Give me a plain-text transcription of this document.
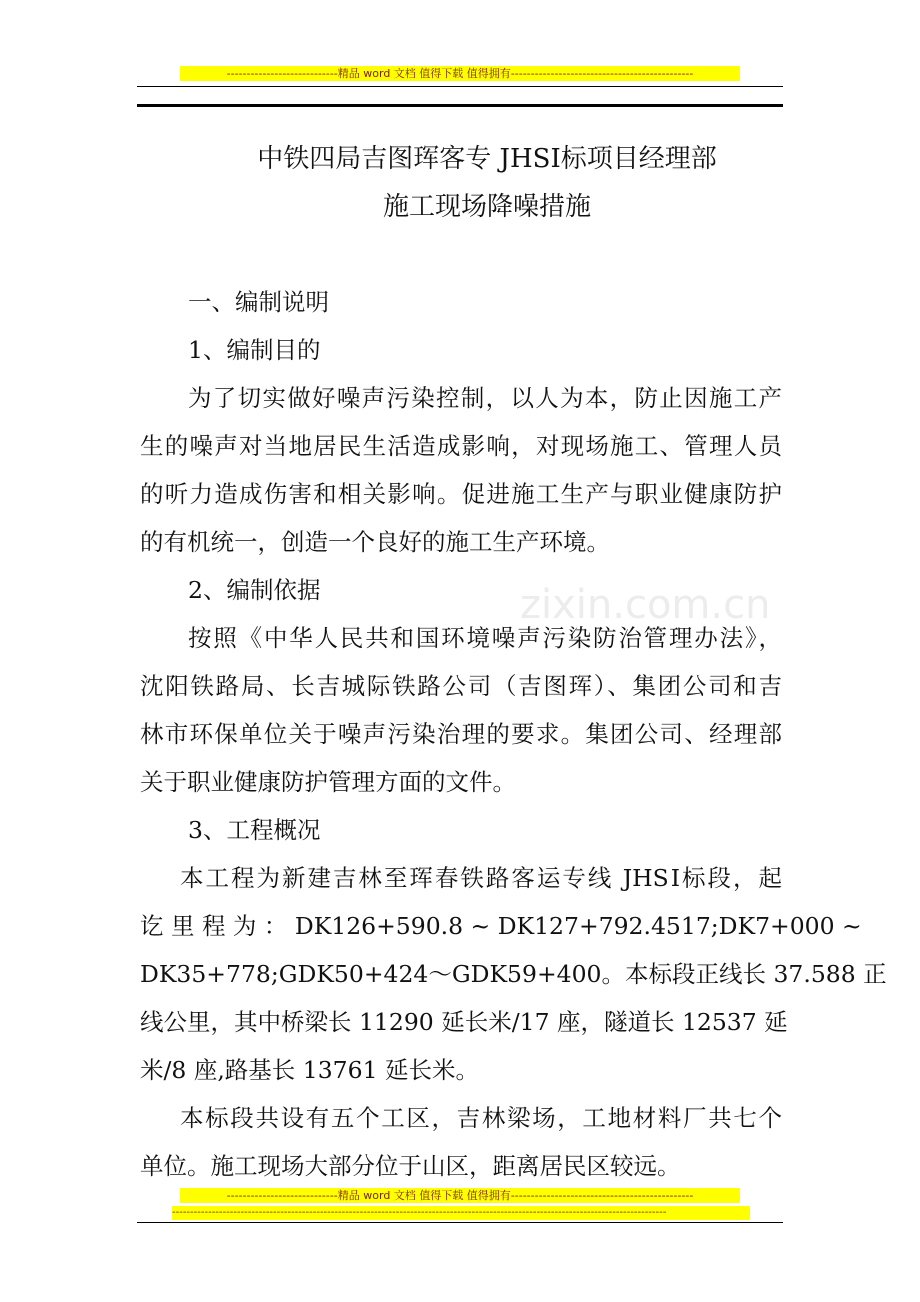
----------------------------精品 word 文档 值得下载 值得拥有----------------------------------------------
zixin.com.cn
中铁四局吉图珲客专 JHSⅠ标项目经理部
施工现场降噪措施
一、编制说明
1、编制目的
为了切实做好噪声污染控制，以人为本，防止因施工产
生的噪声对当地居民生活造成影响，对现场施工、管理人员
的听力造成伤害和相关影响。促进施工生产与职业健康防护
的有机统一，创造一个良好的施工生产环境。
2、编制依据
按照《中华人民共和国环境噪声污染防治管理办法》，
沈阳铁路局、长吉城际铁路公司（吉图珲）、集团公司和吉
林市环保单位关于噪声污染治理的要求。集团公司、经理部
关于职业健康防护管理方面的文件。
3、工程概况
本工程为新建吉林至珲春铁路客运专线 JHSⅠ标段，起
讫 里 程 为 ： DK126+590.8 ~ DK127+792.4517;DK7+000 ~
DK35+778;GDK50+424～GDK59+400。本标段正线长 37.588 正
线公里，其中桥梁长 11290 延长米/17 座，隧道长 12537 延
米/8 座,路基长 13761 延长米。
本标段共设有五个工区，吉林梁场，工地材料厂共七个
单位。施工现场大部分位于山区，距离居民区较远。
----------------------------精品 word 文档 值得下载 值得拥有----------------------------------------------
-----------------------------------------------------------------------------------------------------------------------------------------
